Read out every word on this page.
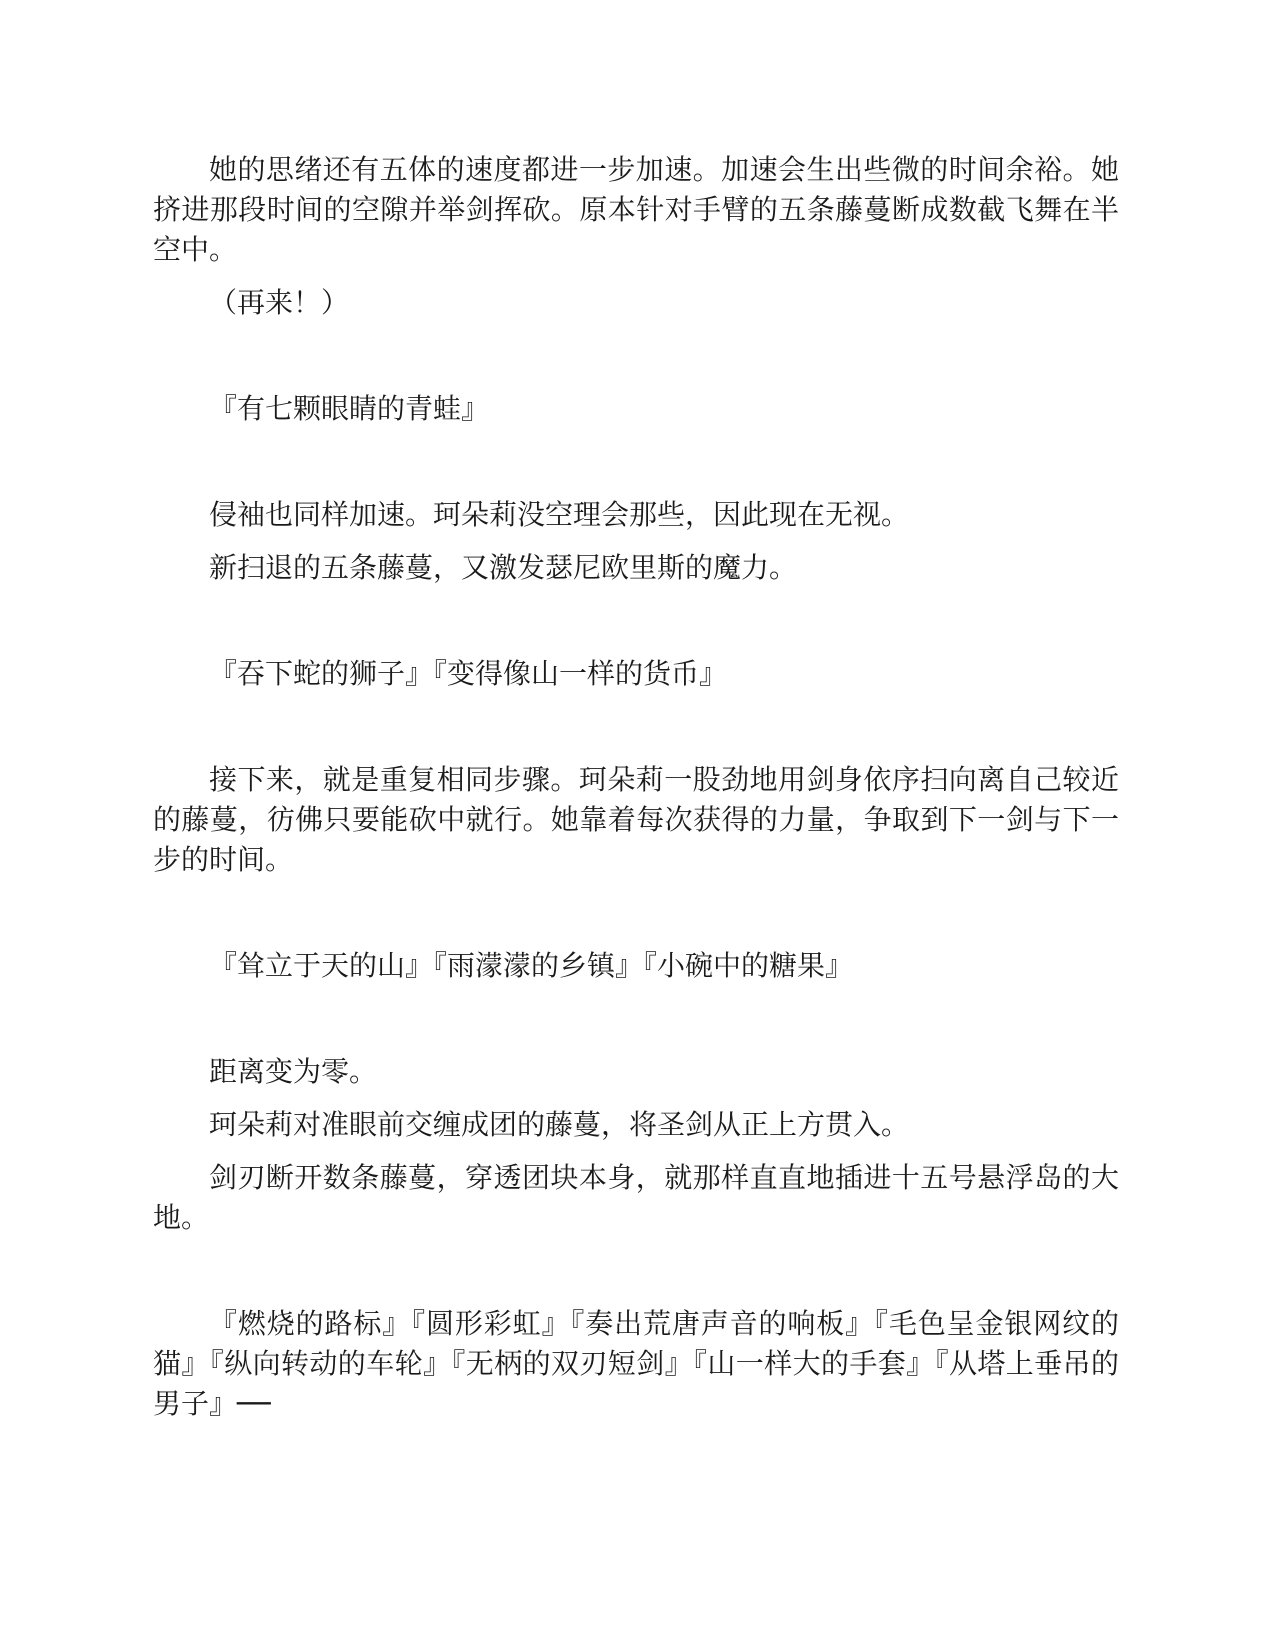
她的思绪还有五体的速度都进一步加速。加速会生出些微的时间余裕。她挤进那段时间的空隙并举剑挥砍。原本针对手臂的五条藤蔓断成数截飞舞在半空中。

（再来！）

『有七颗眼睛的青蛙』

侵袖也同样加速。珂朵莉没空理会那些，因此现在无视。

新扫退的五条藤蔓，又激发瑟尼欧里斯的魔力。

『吞下蛇的狮子』『变得像山一样的货币』

接下来，就是重复相同步骤。珂朵莉一股劲地用剑身依序扫向离自己较近的藤蔓，彷佛只要能砍中就行。她靠着每次获得的力量，争取到下一剑与下一步的时间。

『耸立于天的山』『雨濛濛的乡镇』『小碗中的糖果』

距离变为零。

珂朵莉对准眼前交缠成团的藤蔓，将圣剑从正上方贯入。

剑刃断开数条藤蔓，穿透团块本身，就那样直直地插进十五号悬浮岛的大地。

『燃烧的路标』『圆形彩虹』『奏出荒唐声音的响板』『毛色呈金银网纹的猫』『纵向转动的车轮』『无柄的双刃短剑』『山一样大的手套』『从塔上垂吊的男子』──
